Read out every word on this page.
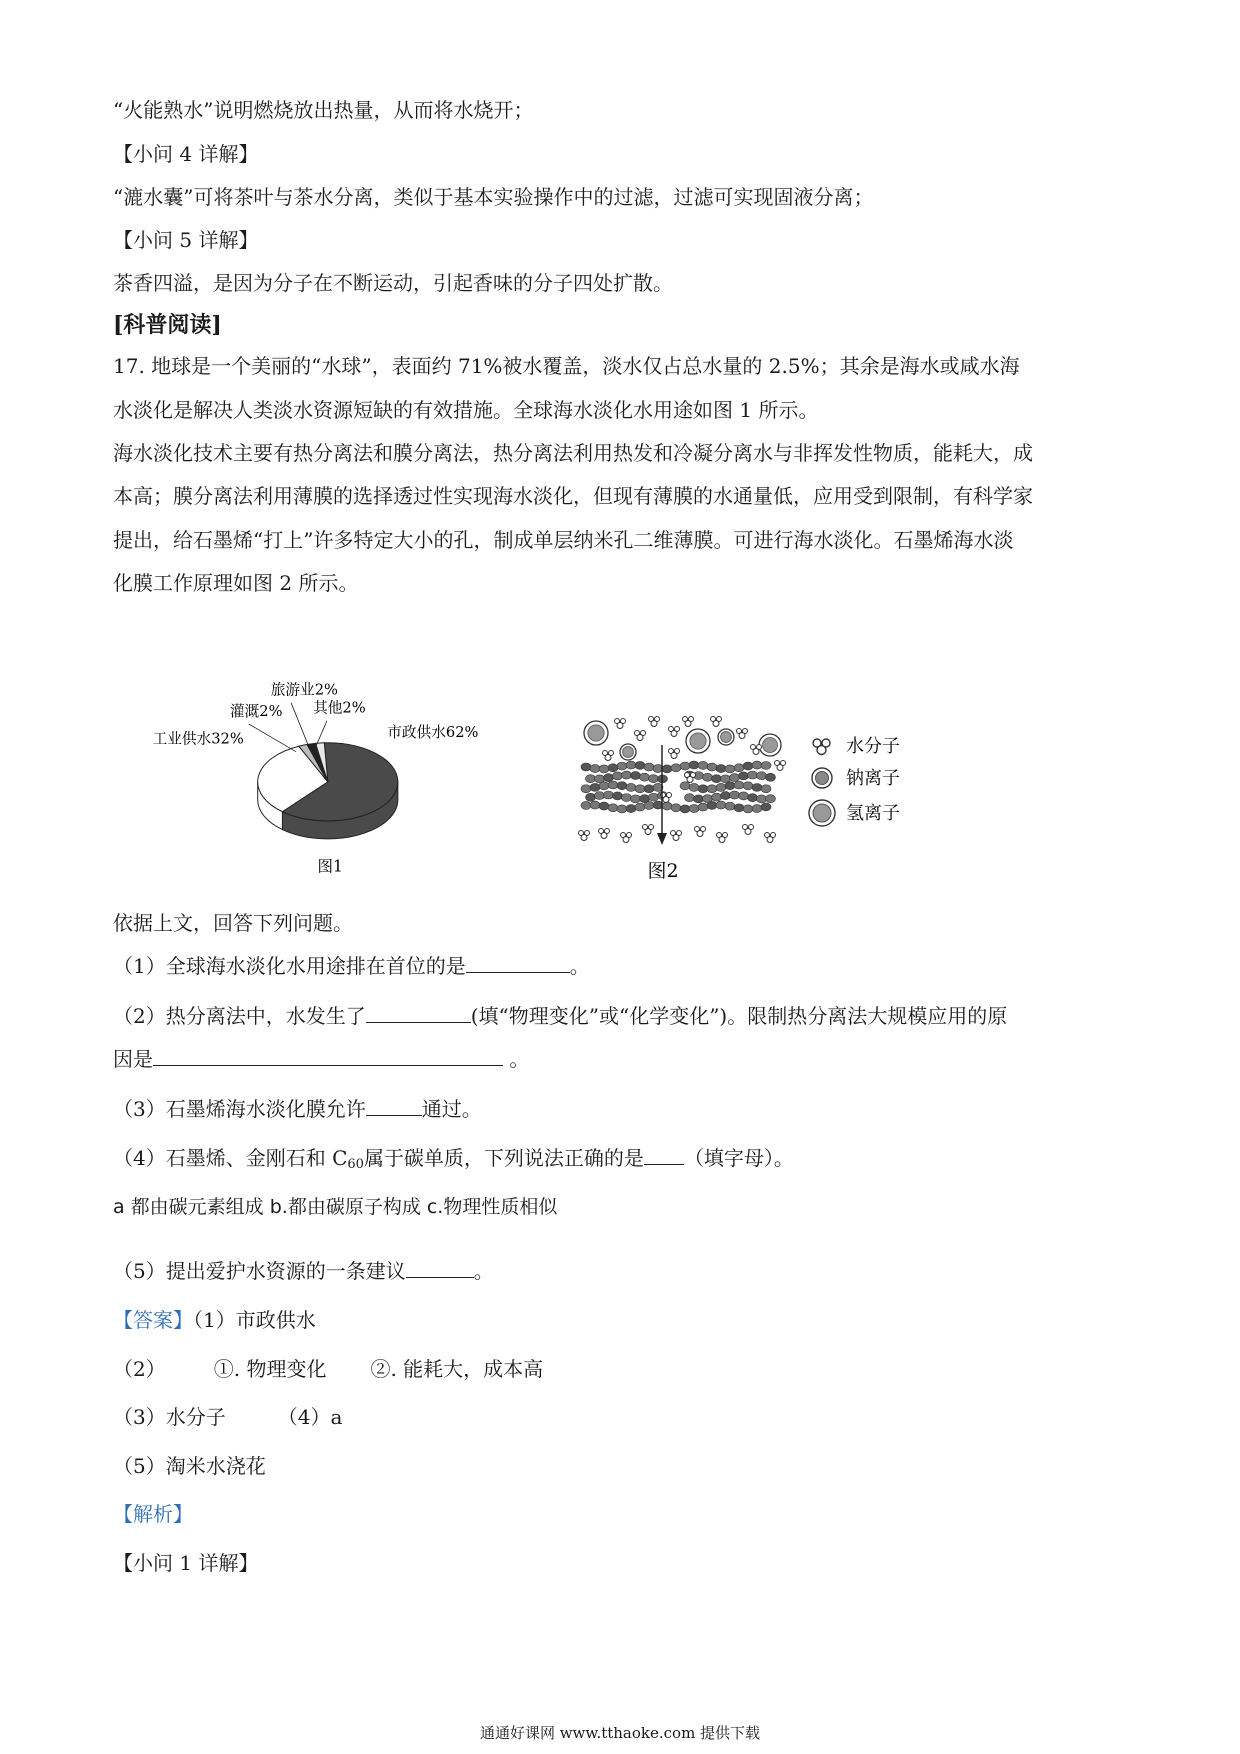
“火能熟水”说明燃烧放出热量，从而将水烧开；
【小问 4 详解】
“漉水囊”可将茶叶与茶水分离，类似于基本实验操作中的过滤，过滤可实现固液分离；
【小问 5 详解】
茶香四溢，是因为分子在不断运动，引起香味的分子四处扩散。
[科普阅读]
17. 地球是一个美丽的“水球”，表面约 71%被水覆盖，淡水仅占总水量的 2.5%；其余是海水或咸水海
水淡化是解决人类淡水资源短缺的有效措施。全球海水淡化水用途如图 1 所示。
海水淡化技术主要有热分离法和膜分离法，热分离法利用热发和冷凝分离水与非挥发性物质，能耗大，成
本高；膜分离法利用薄膜的选择透过性实现海水淡化，但现有薄膜的水通量低，应用受到限制，有科学家
提出，给石墨烯“打上”许多特定大小的孔，制成单层纳米孔二维薄膜。可进行海水淡化。石墨烯海水淡
化膜工作原理如图 2 所示。
市政供水62%
工业供水32%
灌溉2%
旅游业2%
其他2%
图1
水分子
钠离子
氢离子
图2
依据上文，回答下列问题。
（1）全球海水淡化水用途排在首位的是	。
（2）热分离法中，水发生了	(填“物理变化”或“化学变化”)。限制热分离法大规模应用的原
因是	。
（3）石墨烯海水淡化膜允许	通过。
（4）石墨烯、金刚石和 $C_{60}$属于碳单质，下列说法正确的是 （填字母）。
a 都由碳元素组成 b.都由碳原子构成 c.物理性质相似
（5）提出爱护水资源的一条建议	。
【答案】（1）市政供水
（2） ①. 物理变化 ②. 能耗大，成本高
（3）水分子	（4）a
（5）淘米水浇花
【解析】
【小问 1 详解】
通通好课网 www.tthaoke.com 提供下载
